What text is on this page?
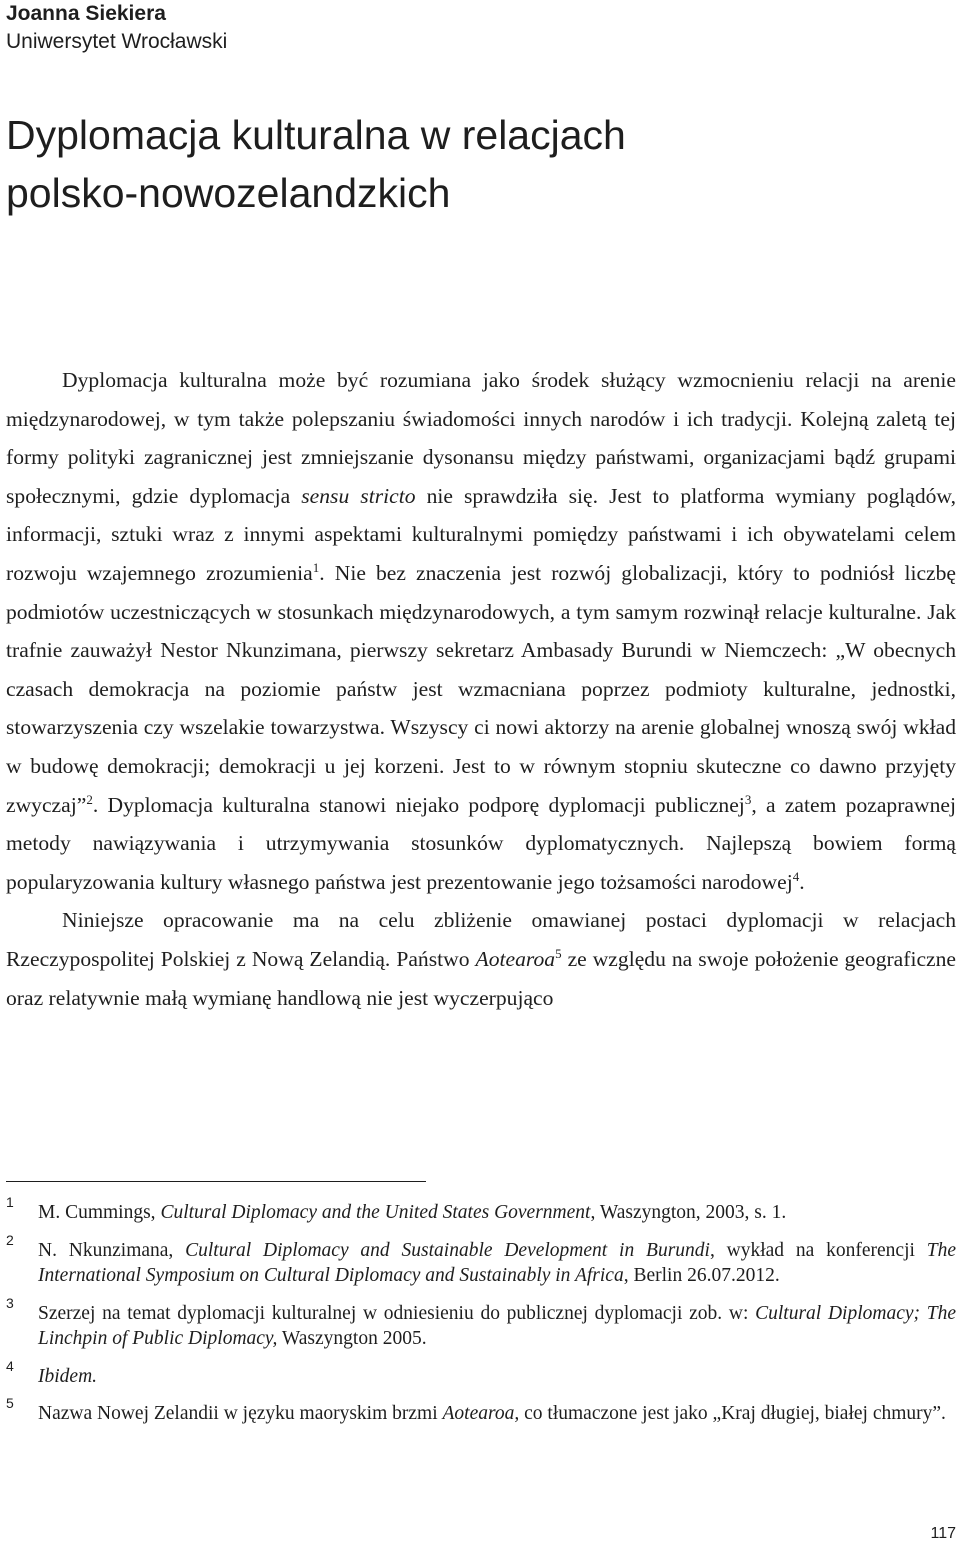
Joanna Siekiera
Uniwersytet Wrocławski
Dyplomacja kulturalna w relacjach
polsko-nowozelandzkich

Dyplomacja kulturalna może być rozumiana jako środek służący wzmocnieniu relacji na arenie międzynarodowej, w tym także polepszaniu świadomości innych narodów i ich tradycji. Kolejną zaletą tej formy polityki zagranicznej jest zmniejszanie dysonansu między państwami, organizacjami bądź grupami społecznymi, gdzie dyplomacja sensu stricto nie sprawdziła się. Jest to platforma wymiany poglądów, informacji, sztuki wraz z innymi aspektami kulturalnymi pomiędzy państwami i ich obywatelami celem rozwoju wzajemnego zrozumienia$^1$. Nie bez znaczenia jest rozwój globalizacji, który to podniósł liczbę podmiotów uczestniczących w stosunkach międzynarodowych, a tym samym rozwinął relacje kulturalne. Jak trafnie zauważył Nestor Nkunzimana, pierwszy sekretarz Ambasady Burundi w Niemczech: „W obecnych czasach demokracja na poziomie państw jest wzmacniana poprzez podmioty kulturalne, jednostki, stowarzyszenia czy wszelakie towarzystwa. Wszyscy ci nowi aktorzy na arenie globalnej wnoszą swój wkład w budowę demokracji; demokracji u jej korzeni. Jest to w równym stopniu skuteczne co dawno przyjęty zwyczaj”$^2$. Dyplomacja kulturalna stanowi niejako podporę dyplomacji publicznej$^3$, a zatem pozaprawnej metody nawiązywania i utrzymywania stosunków dyplomatycznych. Najlepszą bowiem formą popularyzowania kultury własnego państwa jest prezentowanie jego tożsamości narodowej$^4$.

Niniejsze opracowanie ma na celu zbliżenie omawianej postaci dyplomacji w relacjach Rzeczypospolitej Polskiej z Nową Zelandią. Państwo Aotearoa$^5$ ze względu na swoje położenie geograficzne oraz relatywnie małą wymianę handlową nie jest wyczerpująco

1 M. Cummings, Cultural Diplomacy and the United States Government, Waszyngton, 2003, s. 1.
2 N. Nkunzimana, Cultural Diplomacy and Sustainable Development in Burundi, wykład na konferencji The International Symposium on Cultural Diplomacy and Sustainably in Africa, Berlin 26.07.2012.
3 Szerzej na temat dyplomacji kulturalnej w odniesieniu do publicznej dyplomacji zob. w: Cultural Diplomacy; The Linchpin of Public Diplomacy, Waszyngton 2005.
4 Ibidem.
5 Nazwa Nowej Zelandii w języku maoryskim brzmi Aotearoa, co tłumaczone jest jako „Kraj długiej, białej chmury”.
117
